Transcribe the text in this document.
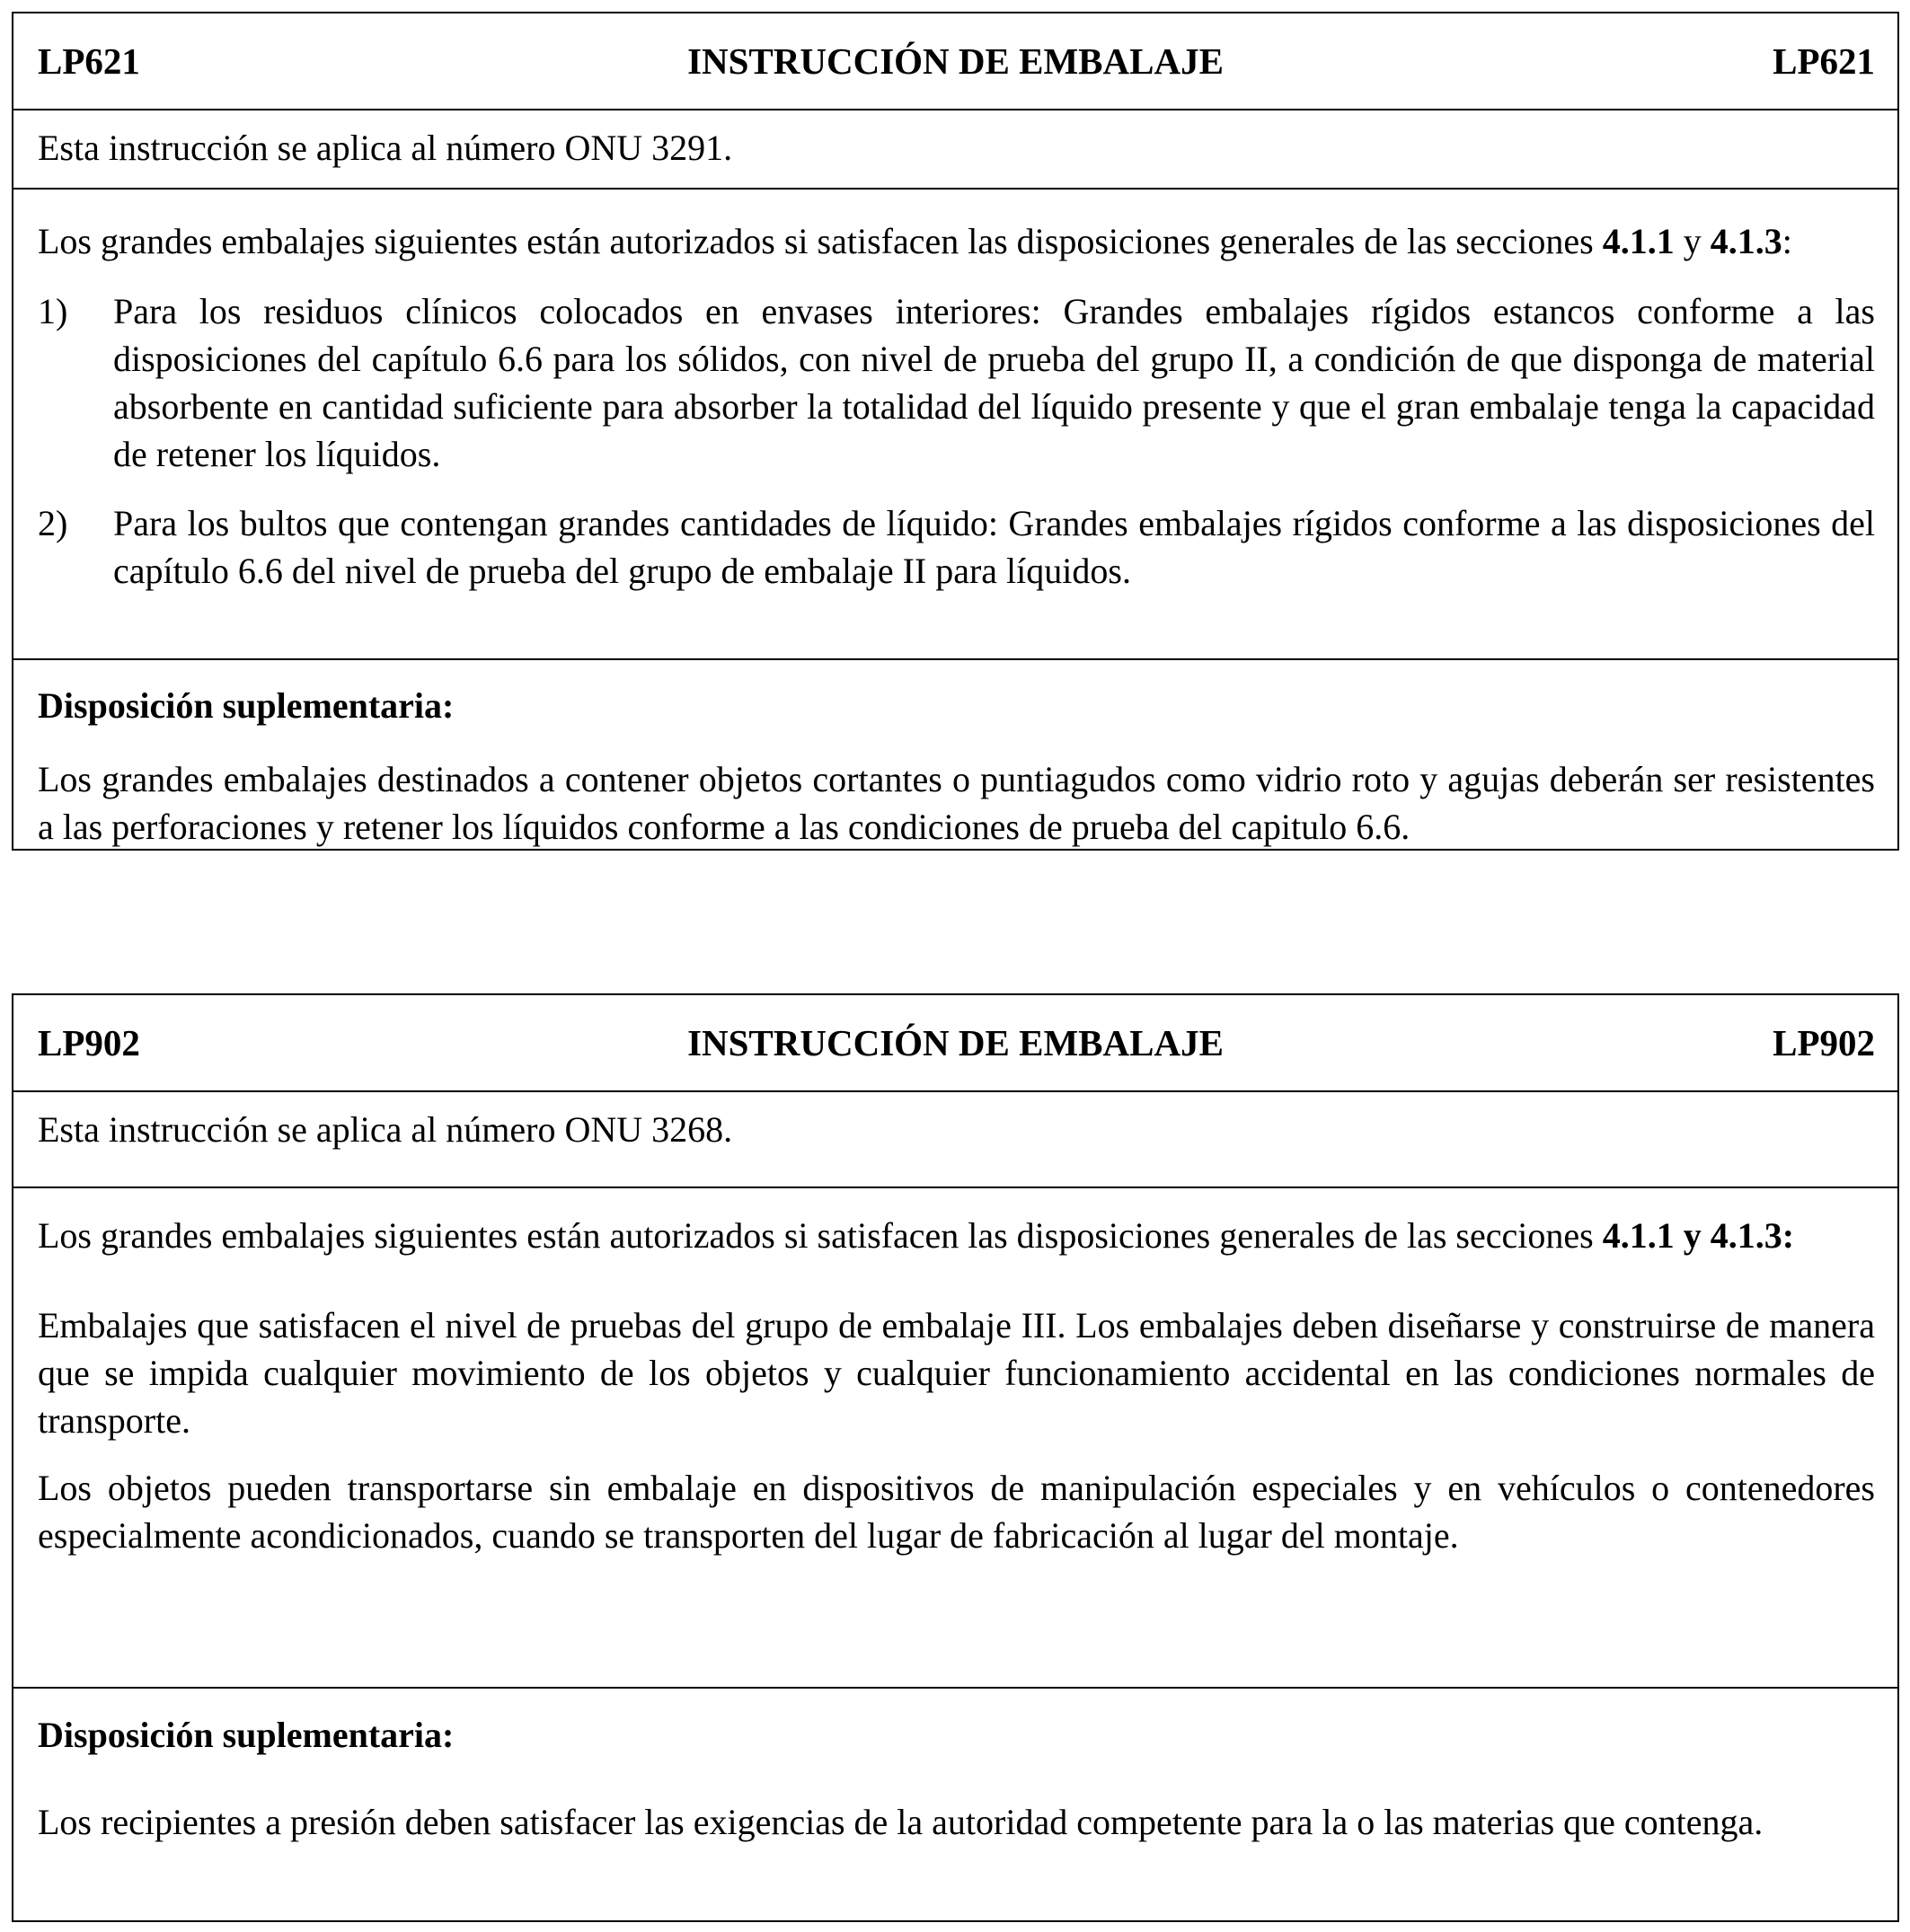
LP621	INSTRUCCIÓN DE EMBALAJE	LP621

Esta instrucción se aplica al número ONU 3291.

Los grandes embalajes siguientes están autorizados si satisfacen las disposiciones generales de las secciones 4.1.1 y 4.1.3:

1)	Para los residuos clínicos colocados en envases interiores: Grandes embalajes rígidos estancos conforme a las disposiciones del capítulo 6.6 para los sólidos, con nivel de prueba del grupo II, a condición de que disponga de material absorbente en cantidad suficiente para absorber la totalidad del líquido presente y que el gran embalaje tenga la capacidad de retener los líquidos.
2)	Para los bultos que contengan grandes cantidades de líquido: Grandes embalajes rígidos conforme a las disposiciones del capítulo 6.6 del nivel de prueba del grupo de embalaje II para líquidos.

Disposición suplementaria:

Los grandes embalajes destinados a contener objetos cortantes o puntiagudos como vidrio roto y agujas deberán ser resistentes a las perforaciones y retener los líquidos conforme a las condiciones de prueba del capitulo 6.6.

LP902	INSTRUCCIÓN DE EMBALAJE	LP902

Esta instrucción se aplica al número ONU 3268.

Los grandes embalajes siguientes están autorizados si satisfacen las disposiciones generales de las secciones 4.1.1 y 4.1.3:

Embalajes que satisfacen el nivel de pruebas del grupo de embalaje III. Los embalajes deben diseñarse y construirse de manera que se impida cualquier movimiento de los objetos y cualquier funcionamiento accidental en las condiciones normales de transporte.

Los objetos pueden transportarse sin embalaje en dispositivos de manipulación especiales y en vehículos o contenedores especialmente acondicionados, cuando se transporten del lugar de fabricación al lugar del montaje.

Disposición suplementaria:

Los recipientes a presión deben satisfacer las exigencias de la autoridad competente para la o las materias que contenga.
